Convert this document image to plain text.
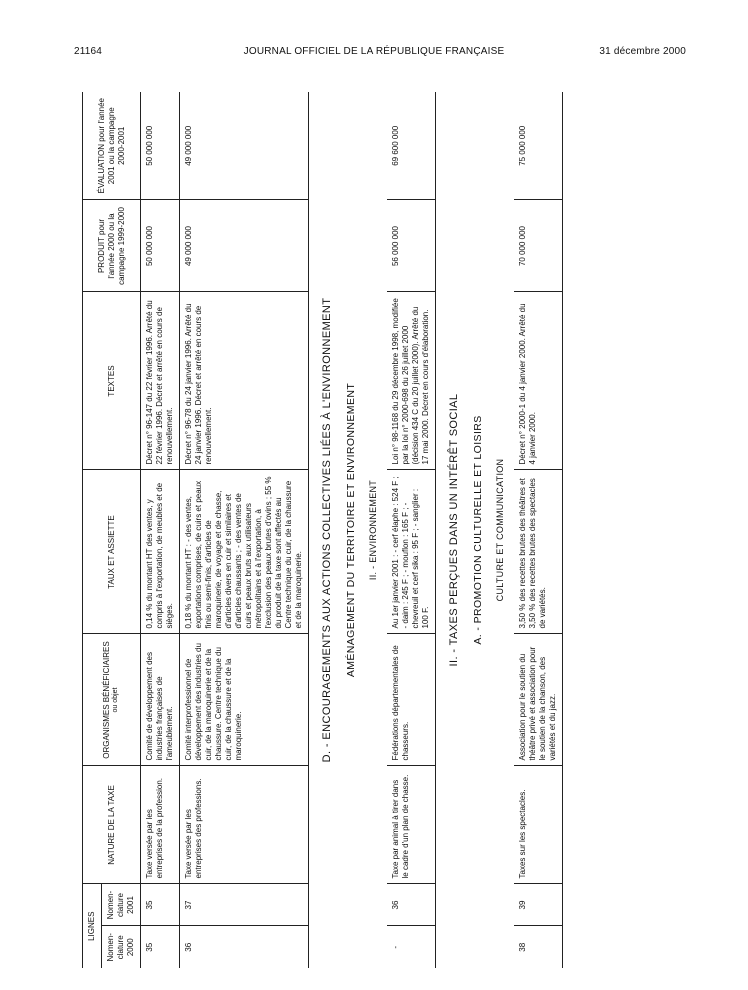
21164	JOURNAL OFFICIEL DE LA RÉPUBLIQUE FRANÇAISE	31 décembre 2000
LIGNES		NATURE DE LA TAXE	ORGANISMES BÉNÉFICIAIRES ou objet	TAUX ET ASSIETTE	TEXTES	PRODUIT pour l'année 2000 ou la campagne 1999-2000	ÉVALUATION pour l'année 2001 ou la campagne 2000-2001
Nomen- clature 2000	Nomen- clature 2001						
35	35	Taxe versée par les entreprises de la profession.	Comité de développement des industries françaises de l'ameublement.	0,14 % du montant HT des ventes, y compris à l'exportation, de meubles et de sièges.	Décret n° 96-147 du 22 février 1996. Arrêté du 22 février 1996. Décret et arrêté en cours de renouvellement.	50 000 000	50 000 000
36	37	Taxe versée par les entreprises des professions.	Comité interprofessionnel de développement des industries du cuir, de la maroquinerie et de la chaussure. Centre technique du cuir, de la chaussure et de la maroquinerie.	0,18 % du montant HT : - des ventes, exportations comprises, de cuirs et peaux finis ou semi-finis, d'articles de maroquinerie, de voyage et de chasse, d'articles divers en cuir et similaires et d'articles chaussants ; - des ventes de cuirs et peaux bruts aux utilisateurs métropolitains et à l'exportation, à l'exclusion des peaux brutes d'ovins ; 55 % du produit de la taxe sont affectés au Centre technique du cuir, de la chaussure et de la maroquinerie.	Décret n° 96-78 du 24 janvier 1996. Arrêté du 24 janvier 1996. Décret et arrêté en cours de renouvellement.	49 000 000	49 000 000

D. - ENCOURAGEMENTS AUX ACTIONS COLLECTIVES LIÉES À L'ENVIRONNEMENT AMÉNAGEMENT DU TERRITOIRE ET ENVIRONNEMENT II. - ENVIRONNEMENT							

-	36	Taxe par animal à tirer dans le cadre d'un plan de chasse.	Fédérations départementales de chasseurs.	Au 1er janvier 2001 : - cerf élaphe : 524 F ; - daim : 245 F ; - mouflon : 165 F ; - chevreuil et cerf sika : 95 F ; - sanglier : 100 F.	Loi n° 98-1168 du 29 décembre 1998, modifiée par la loi n° 2000-698 du 26 juillet 2000 (décision 434 C du 20 juillet 2000). Arrêté du 17 mai 2000. Décret en cours d'élaboration.	56 000 000	69 600 000

II. - TAXES PERÇUES DANS UN INTÉRÊT SOCIAL A. - PROMOTION CULTURELLE ET LOISIRS CULTURE ET COMMUNICATION							

38	39	Taxes sur les spectacles.	Association pour le soutien du théâtre privé et association pour le soutien de la chanson, des variétés et du jazz.	3,50 % des recettes brutes des théâtres et 3,50 % des recettes brutes des spectacles de variétés.	Décret n° 2000-1 du 4 janvier 2000. Arrêté du 4 janvier 2000.	70 000 000	75 000 000
